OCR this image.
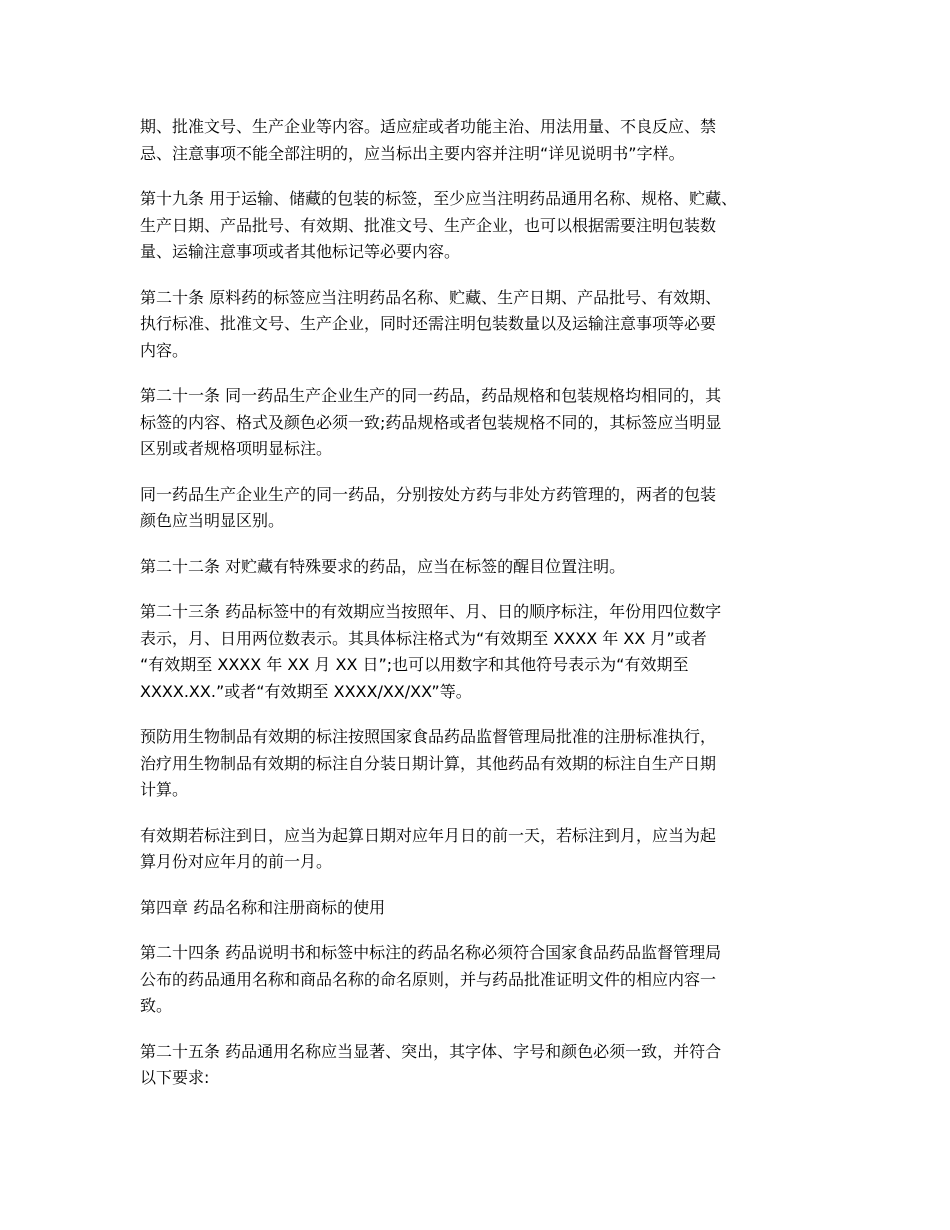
期、批准文号、生产企业等内容。适应症或者功能主治、用法用量、不良反应、禁
忌、注意事项不能全部注明的，应当标出主要内容并注明“详见说明书”字样。
第十九条 用于运输、储藏的包装的标签，至少应当注明药品通用名称、规格、贮藏、
生产日期、产品批号、有效期、批准文号、生产企业，也可以根据需要注明包装数
量、运输注意事项或者其他标记等必要内容。
第二十条 原料药的标签应当注明药品名称、贮藏、生产日期、产品批号、有效期、
执行标准、批准文号、生产企业，同时还需注明包装数量以及运输注意事项等必要
内容。
第二十一条 同一药品生产企业生产的同一药品，药品规格和包装规格均相同的，其
标签的内容、格式及颜色必须一致;药品规格或者包装规格不同的，其标签应当明显
区别或者规格项明显标注。
同一药品生产企业生产的同一药品，分别按处方药与非处方药管理的，两者的包装
颜色应当明显区别。
第二十二条 对贮藏有特殊要求的药品，应当在标签的醒目位置注明。
第二十三条 药品标签中的有效期应当按照年、月、日的顺序标注，年份用四位数字
表示，月、日用两位数表示。其具体标注格式为“有效期至 XXXX 年 XX 月”或者
“有效期至 XXXX 年 XX 月 XX 日”;也可以用数字和其他符号表示为“有效期至
XXXX.XX.”或者“有效期至 XXXX/XX/XX”等。
预防用生物制品有效期的标注按照国家食品药品监督管理局批准的注册标准执行，
治疗用生物制品有效期的标注自分装日期计算，其他药品有效期的标注自生产日期
计算。
有效期若标注到日，应当为起算日期对应年月日的前一天，若标注到月，应当为起
算月份对应年月的前一月。
第四章 药品名称和注册商标的使用
第二十四条 药品说明书和标签中标注的药品名称必须符合国家食品药品监督管理局
公布的药品通用名称和商品名称的命名原则，并与药品批准证明文件的相应内容一
致。
第二十五条 药品通用名称应当显著、突出，其字体、字号和颜色必须一致，并符合
以下要求:
